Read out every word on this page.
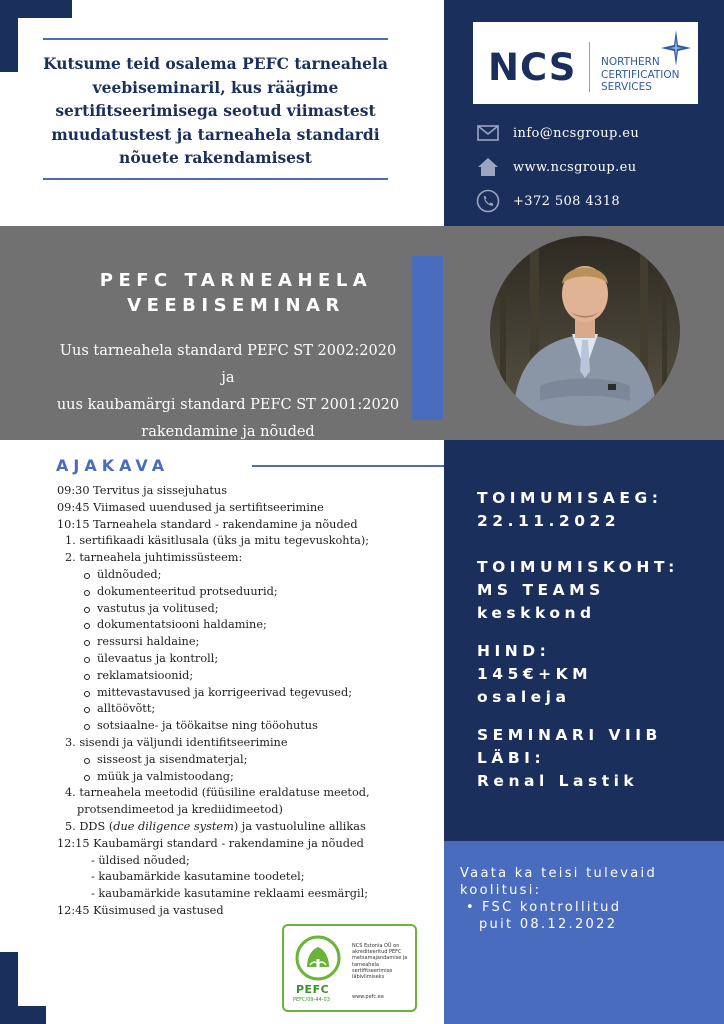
Kutsume teid osalema PEFC tarneahela
veebiseminaril, kus räägime
sertifitseerimisega seotud viimastest
muudatustest ja tarneahela standardi
nõuete rakendamisest
NCS NORTHERN
CERTIFICATION
SERVICES
info@ncsgroup.eu
www.ncsgroup.eu
+372 508 4318
PEFC TARNEAHELA
VEEBISEMINAR
Uus tarneahela standard PEFC ST 2002:2020 ja
uus kaubamärgi standard PEFC ST 2001:2020
rakendamine ja nõuded
AJAKAVA
09:30 Tervitus ja sissejuhatus
09:45 Viimased uuendused ja sertifitseerimine
10:15 Tarneahela standard - rakendamine ja nõuded
1. sertifikaadi käsitlusala (üks ja mitu tegevuskohta);
2. tarneahela juhtimissüsteem:
üldnõuded;
dokumenteeritud protseduurid;
vastutus ja volitused;
dokumentatsiooni haldamine;
ressursi haldaine;
ülevaatus ja kontroll;
reklamatsioonid;
mittevastavused ja korrigeerivad tegevused;
alltöövõtt;
sotsiaalne- ja töökaitse ning tööohutus
3. sisendi ja väljundi identifitseerimine
sisseost ja sisendmaterjal;
müük ja valmistoodang;
4. tarneahela meetodid (füüsiline eraldatuse meetod,
protsendimeetod ja krediidimeetod)
5. DDS (due diligence system) ja vastuoluline allikas
12:15 Kaubamärgi standard - rakendamine ja nõuded
- üldised nõuded;
- kaubamärkide kasutamine toodetel;
- kaubamärkide kasutamine reklaami eesmärgil;
12:45 Küsimused ja vastused
TOIMUMISAEG:
22.11.2022
TOIMUMISKOHT:
MS TEAMS
keskkond
HIND:
145€+KM
osaleja
SEMINARI VIIB
LÄBI:
Renal Lastik
Vaata ka teisi tulevaid
koolitusi:
• FSC kontrollitud
puit 08.12.2022
PEFC
PEFC/09-44-03
NCS Estonia OÜ on
akrediteeritud PEFC
metsamajandamise ja
tarneahela
sertifitseerimise
läbiviimiseks
www.pefc.ee
